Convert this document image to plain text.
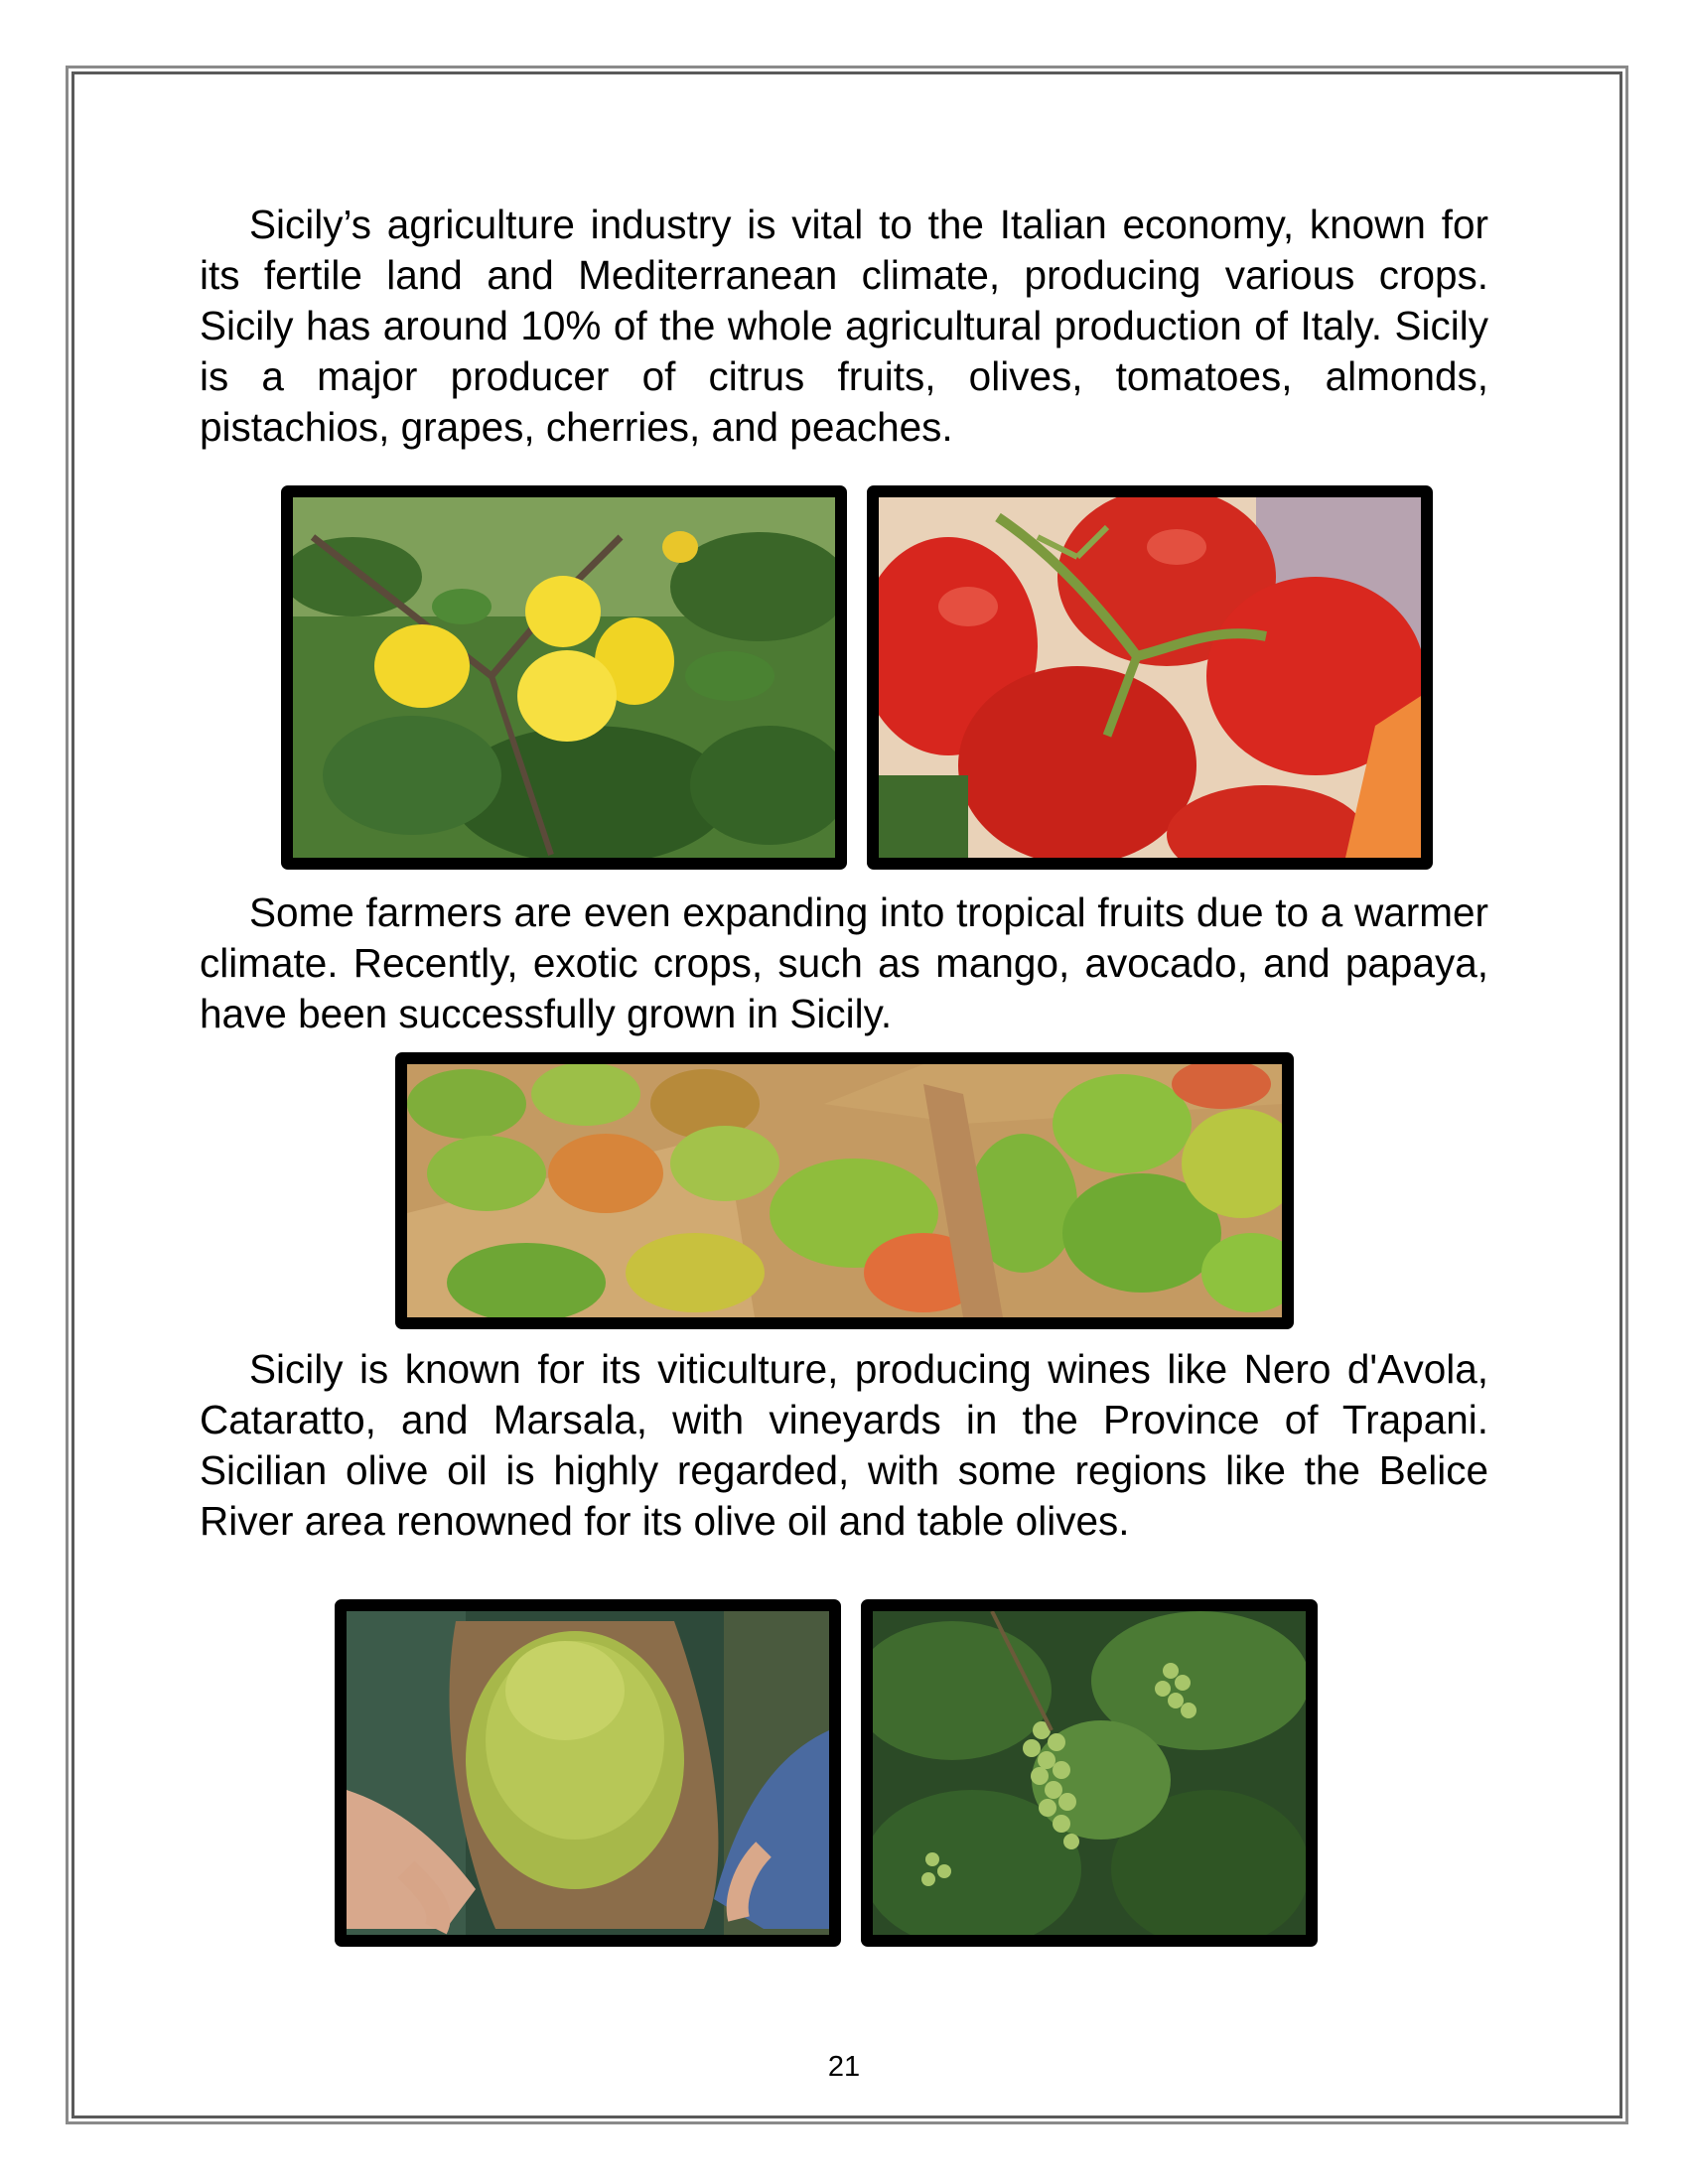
Sicily’s agriculture industry is vital to the Italian economy, known for its fertile land and Mediterranean climate, producing various crops. Sicily has around 10% of the whole agricultural production of Italy. Sicily is a major producer of citrus fruits, olives, tomatoes, almonds, pistachios, grapes, cherries, and peaches.

Some farmers are even expanding into tropical fruits due to a warmer climate. Recently, exotic crops, such as mango, avocado, and papaya, have been successfully grown in Sicily.

Sicily is known for its viticulture, producing wines like Nero d'Avola, Cataratto, and Marsala, with vineyards in the Province of Trapani. Sicilian olive oil is highly regarded, with some regions like the Belice River area renowned for its olive oil and table olives.

21
